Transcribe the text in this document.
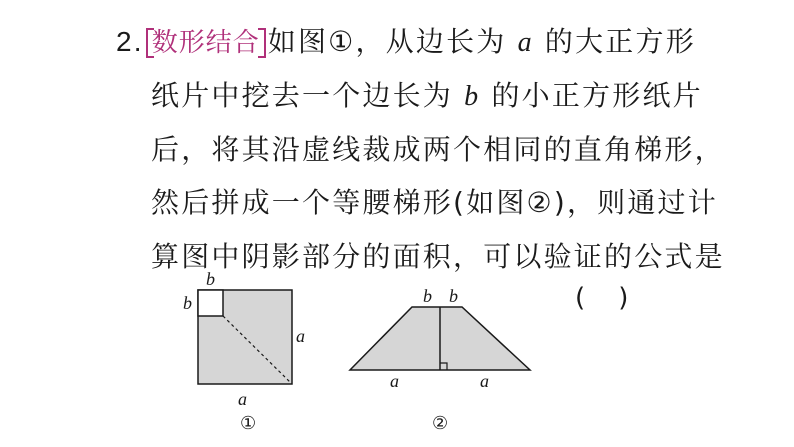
2. 数形结合 如图①，从边长为 a 的大正方形
纸片中挖去一个边长为 b 的小正方形纸片
后，将其沿虚线裁成两个相同的直角梯形，
然后拼成一个等腰梯形(如图②)，则通过计
算图中阴影部分的面积，可以验证的公式是
(    )
b
b
a
a
①
b b
a	a
②
